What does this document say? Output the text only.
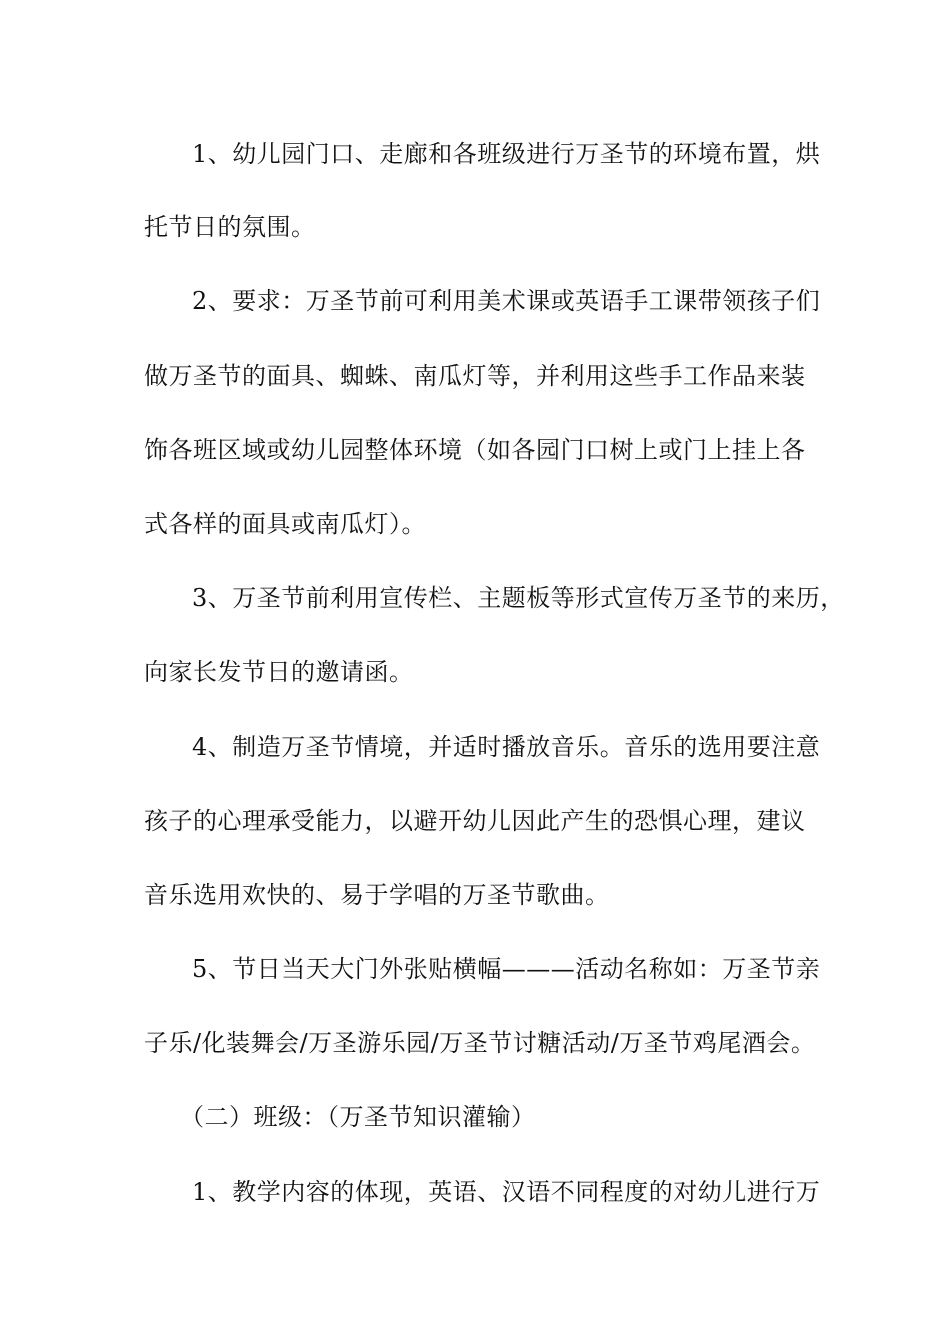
1、幼儿园门口、走廊和各班级进行万圣节的环境布置，烘
托节日的氛围。
2、要求：万圣节前可利用美术课或英语手工课带领孩子们
做万圣节的面具、蜘蛛、南瓜灯等，并利用这些手工作品来装
饰各班区域或幼儿园整体环境（如各园门口树上或门上挂上各
式各样的面具或南瓜灯）。
3、万圣节前利用宣传栏、主题板等形式宣传万圣节的来历，
向家长发节日的邀请函。
4、制造万圣节情境，并适时播放音乐。音乐的选用要注意
孩子的心理承受能力，以避开幼儿因此产生的恐惧心理，建议
音乐选用欢快的、易于学唱的万圣节歌曲。
5、节日当天大门外张贴横幅———活动名称如：万圣节亲
子乐/化装舞会/万圣游乐园/万圣节讨糖活动/万圣节鸡尾酒会。
（二）班级：（万圣节知识灌输）
1、教学内容的体现，英语、汉语不同程度的对幼儿进行万
